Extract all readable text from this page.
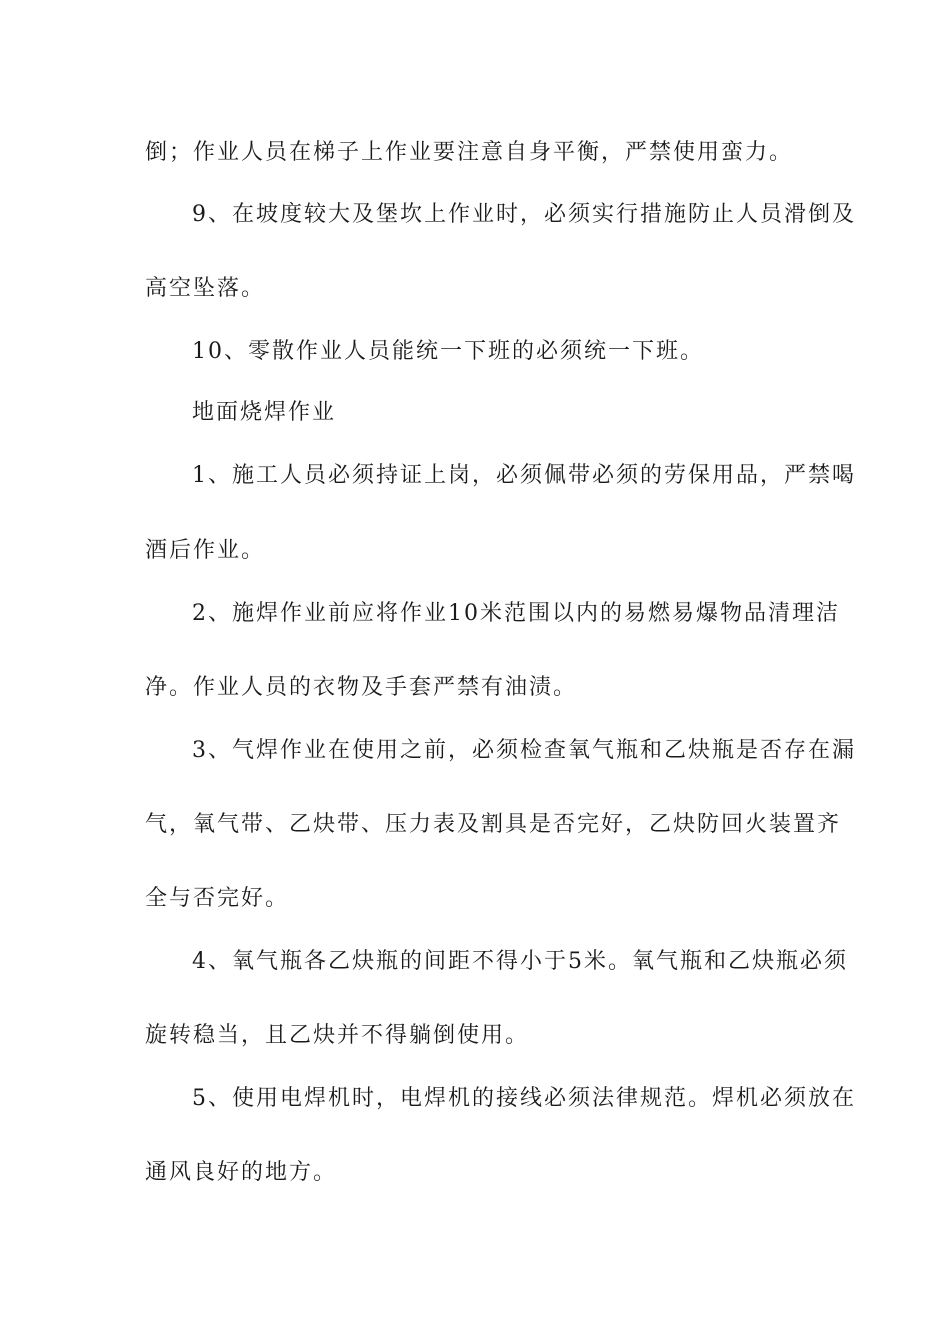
倒；作业人员在梯子上作业要注意自身平衡，严禁使用蛮力。
9、在坡度较大及堡坎上作业时，必须实行措施防止人员滑倒及
高空坠落。
10、零散作业人员能统一下班的必须统一下班。
地面烧焊作业
1、施工人员必须持证上岗，必须佩带必须的劳保用品，严禁喝
酒后作业。
2、施焊作业前应将作业10米范围以内的易燃易爆物品清理洁
净。作业人员的衣物及手套严禁有油渍。
3、气焊作业在使用之前，必须检查氧气瓶和乙炔瓶是否存在漏
气，氧气带、乙炔带、压力表及割具是否完好，乙炔防回火装置齐
全与否完好。
4、氧气瓶各乙炔瓶的间距不得小于5米。氧气瓶和乙炔瓶必须
旋转稳当，且乙炔并不得躺倒使用。
5、使用电焊机时，电焊机的接线必须法律规范。焊机必须放在
通风良好的地方。
